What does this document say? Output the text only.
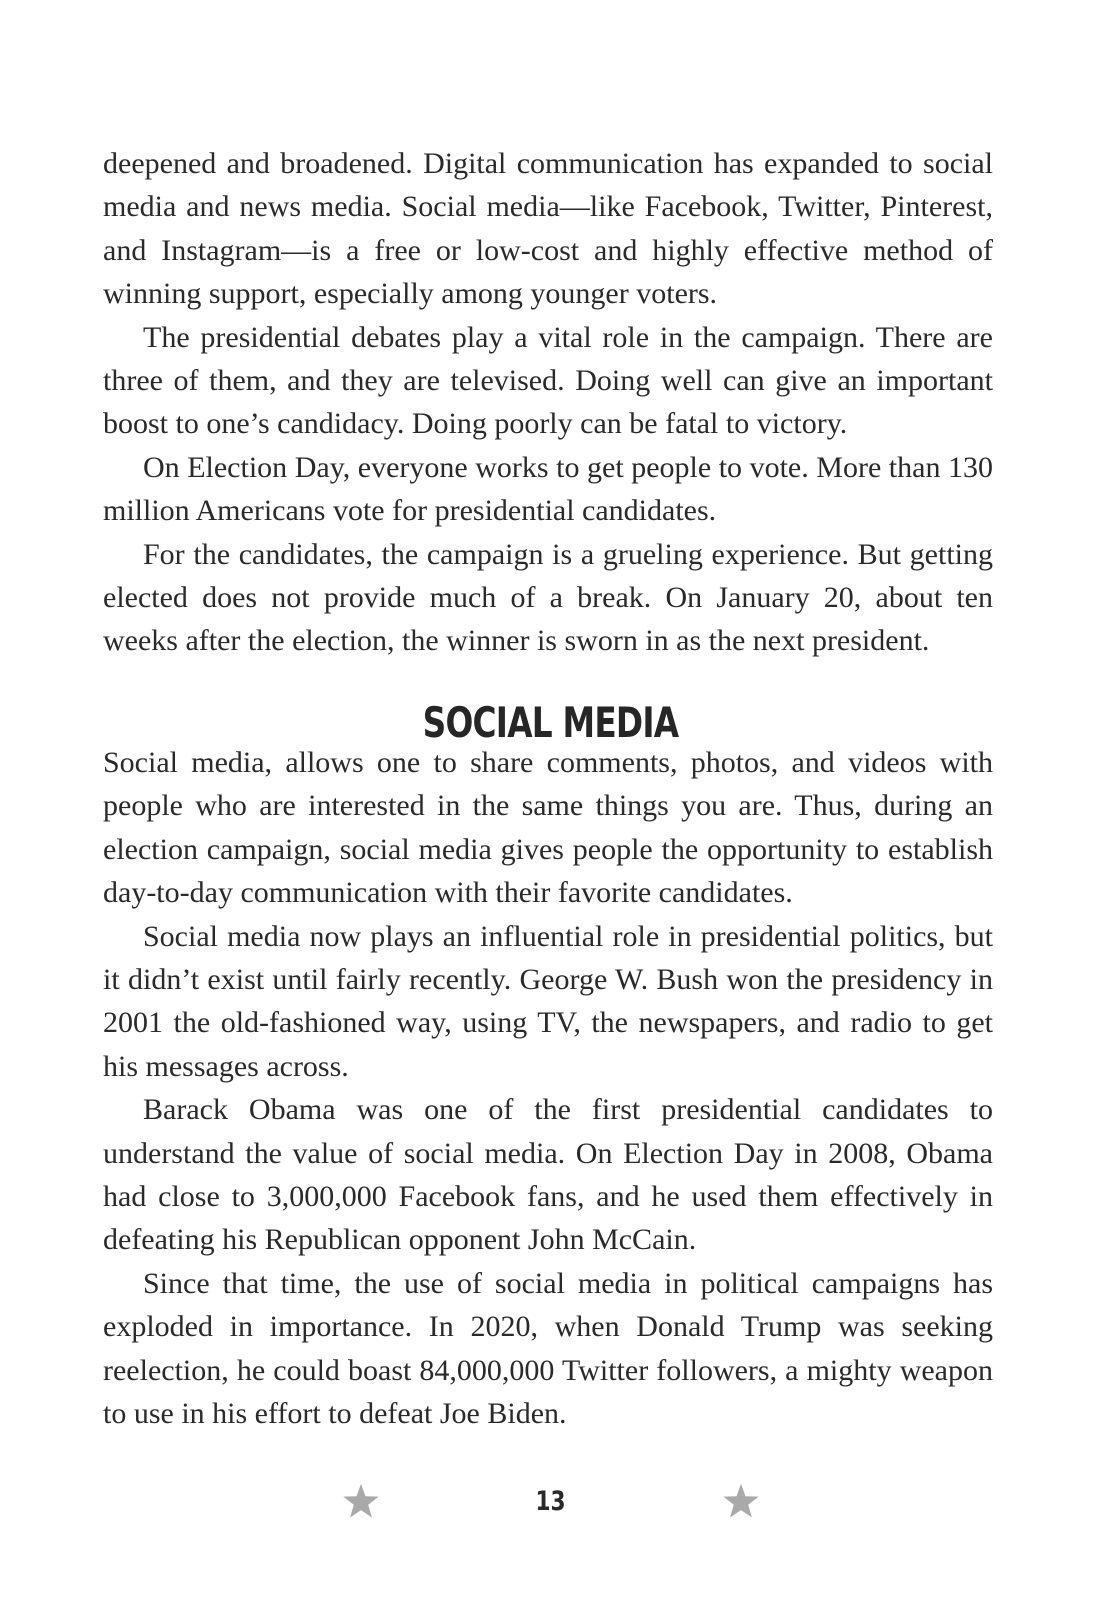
deepened and broadened. Digital communication has expanded to social media and news media. Social media—like Facebook, Twitter, Pinterest, and Instagram—is a free or low-cost and highly effective method of winning support, especially among younger voters.

The presidential debates play a vital role in the campaign. There are three of them, and they are televised. Doing well can give an important boost to one’s candidacy. Doing poorly can be fatal to victory.

On Election Day, everyone works to get people to vote. More than 130 million Americans vote for presidential candidates.

For the candidates, the campaign is a grueling experience. But getting elected does not provide much of a break. On January 20, about ten weeks after the election, the winner is sworn in as the next president.

SOCIAL MEDIA

Social media, allows one to share comments, photos, and videos with people who are interested in the same things you are. Thus, during an election campaign, social media gives people the opportunity to establish day-to-day communication with their favorite candidates.

Social media now plays an influential role in presidential politics, but it didn’t exist until fairly recently. George W. Bush won the presidency in 2001 the old-fashioned way, using TV, the newspapers, and radio to get his messages across.

Barack Obama was one of the first presidential candidates to understand the value of social media. On Election Day in 2008, Obama had close to 3,000,000 Facebook fans, and he used them effectively in defeating his Republican opponent John McCain.

Since that time, the use of social media in political campaigns has exploded in importance. In 2020, when Donald Trump was seeking reelection, he could boast 84,000,000 Twitter followers, a mighty weapon to use in his effort to defeat Joe Biden.

13
